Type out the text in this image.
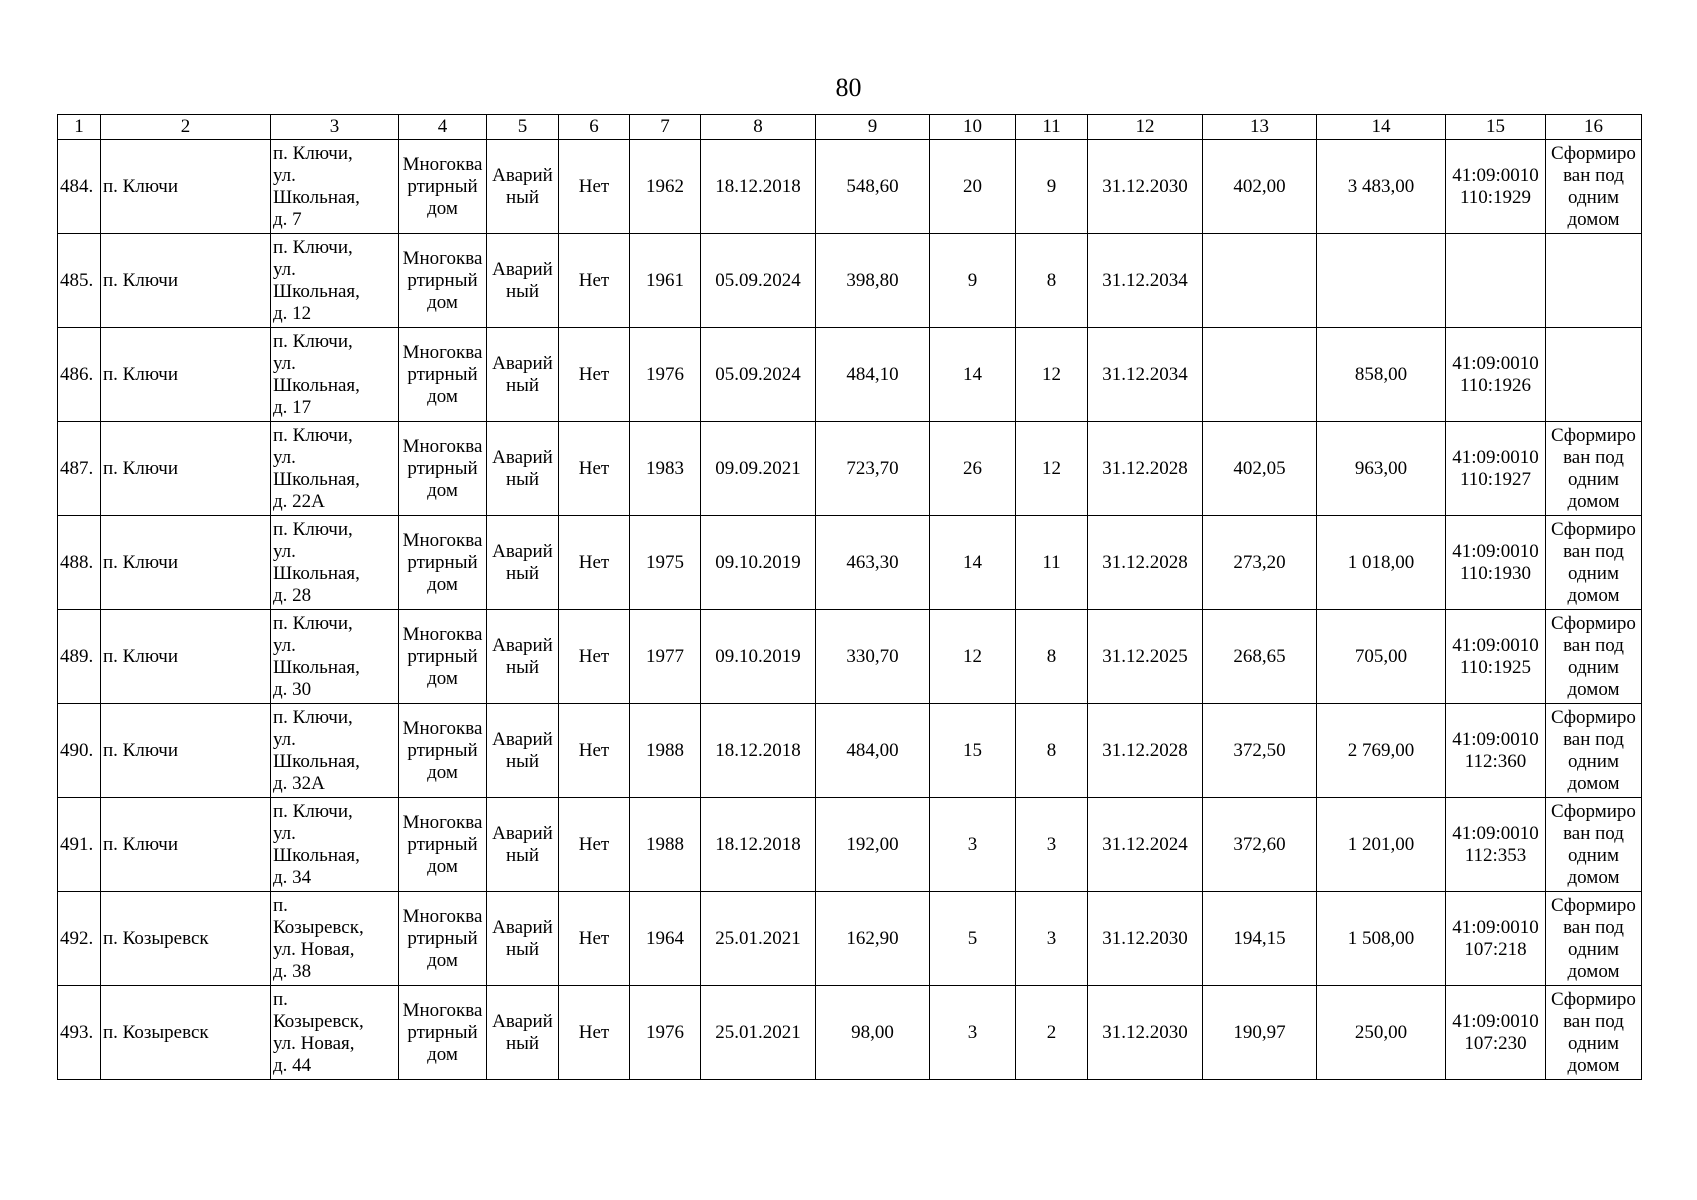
80
1	2	3	4	5	6	7	8	9	10	11	12	13	14	15	16
484.	п. Ключи	п. Ключи,
ул.
Школьная,
д. 7	Многоква
ртирный
дом	Аварий
ный	Нет	1962	18.12.2018	548,60	20	9	31.12.2030	402,00	3 483,00	41:09:0010
110:1929	Сформиро
ван под
одним
домом
485.	п. Ключи	п. Ключи,
ул.
Школьная,
д. 12	Многоква
ртирный
дом	Аварий
ный	Нет	1961	05.09.2024	398,80	9	8	31.12.2034				
486.	п. Ключи	п. Ключи,
ул.
Школьная,
д. 17	Многоква
ртирный
дом	Аварий
ный	Нет	1976	05.09.2024	484,10	14	12	31.12.2034		858,00	41:09:0010
110:1926	
487.	п. Ключи	п. Ключи,
ул.
Школьная,
д. 22А	Многоква
ртирный
дом	Аварий
ный	Нет	1983	09.09.2021	723,70	26	12	31.12.2028	402,05	963,00	41:09:0010
110:1927	Сформиро
ван под
одним
домом
488.	п. Ключи	п. Ключи,
ул.
Школьная,
д. 28	Многоква
ртирный
дом	Аварий
ный	Нет	1975	09.10.2019	463,30	14	11	31.12.2028	273,20	1 018,00	41:09:0010
110:1930	Сформиро
ван под
одним
домом
489.	п. Ключи	п. Ключи,
ул.
Школьная,
д. 30	Многоква
ртирный
дом	Аварий
ный	Нет	1977	09.10.2019	330,70	12	8	31.12.2025	268,65	705,00	41:09:0010
110:1925	Сформиро
ван под
одним
домом
490.	п. Ключи	п. Ключи,
ул.
Школьная,
д. 32А	Многоква
ртирный
дом	Аварий
ный	Нет	1988	18.12.2018	484,00	15	8	31.12.2028	372,50	2 769,00	41:09:0010
112:360	Сформиро
ван под
одним
домом
491.	п. Ключи	п. Ключи,
ул.
Школьная,
д. 34	Многоква
ртирный
дом	Аварий
ный	Нет	1988	18.12.2018	192,00	3	3	31.12.2024	372,60	1 201,00	41:09:0010
112:353	Сформиро
ван под
одним
домом
492.	п. Козыревск	п.
Козыревск,
ул. Новая,
д. 38	Многоква
ртирный
дом	Аварий
ный	Нет	1964	25.01.2021	162,90	5	3	31.12.2030	194,15	1 508,00	41:09:0010
107:218	Сформиро
ван под
одним
домом
493.	п. Козыревск	п.
Козыревск,
ул. Новая,
д. 44	Многоква
ртирный
дом	Аварий
ный	Нет	1976	25.01.2021	98,00	3	2	31.12.2030	190,97	250,00	41:09:0010
107:230	Сформиро
ван под
одним
домом
